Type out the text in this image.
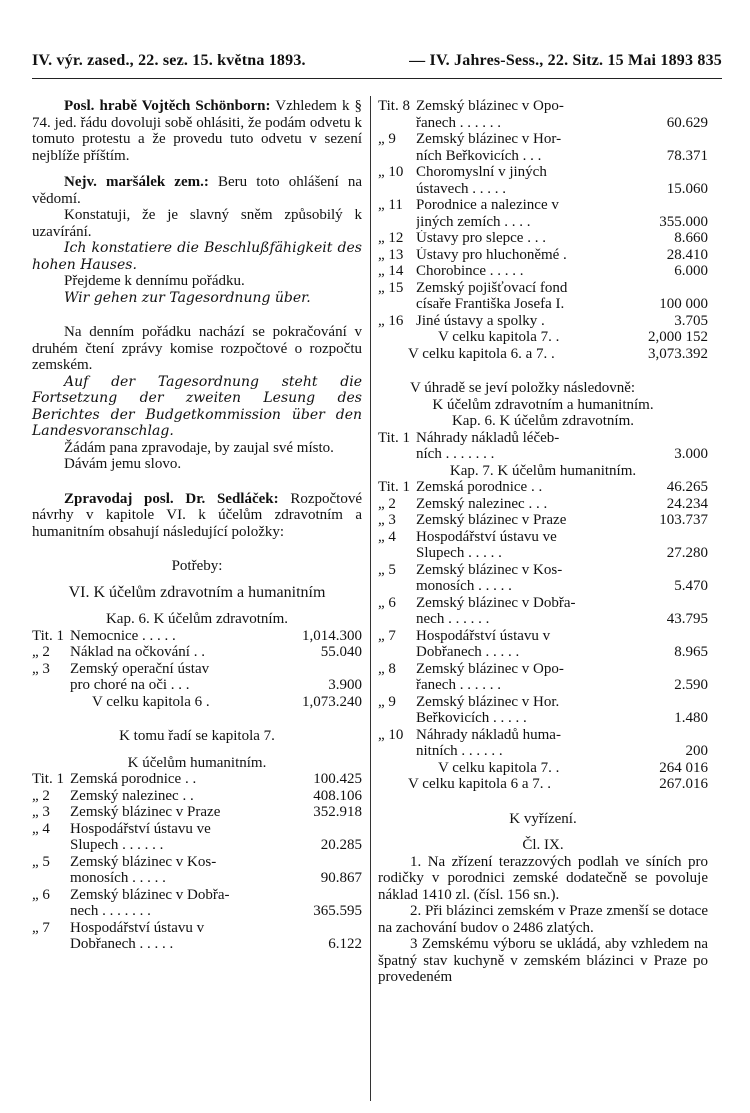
IV. výr. zased., 22. sez. 15. května 1893.	— IV. Jahres-Sess., 22. Sitz. 15 Mai 1893 835

Posl. hrabě Vojtěch Schönborn: Vzhledem k § 74. jed. řádu dovoluji sobě ohlásiti, že podám odvetu k tomuto protestu a že provedu tuto odvetu v sezení nejblíže příštím.

Nejv. maršálek zem.: Beru toto ohlášení na vědomí.

Konstatuji, že je slavný sněm způsobilý k uzavírání.

Ich konstatiere die Beschlußfähigkeit des hohen Hauses.

Přejdeme k dennímu pořádku.

Wir gehen zur Tagesordnung über.

Na denním pořádku nachází se pokračování v druhém čtení zprávy komise rozpočtové o rozpočtu zemském.

Auf der Tagesordnung steht die Fortsetzung der zweiten Lesung des Berichtes der Budgetkommission über den Landesvoranschlag.

Žádám pana zpravodaje, by zaujal své místo.

Dávám jemu slovo.

Zpravodaj posl. Dr. Sedláček: Rozpočtové návrhy v kapitole VI. k účelům zdravotním a humanitním obsahují následující položky:

Potřeby:

VI. K účelům zdravotním a humanitním

Kap. 6. K účelům zdravotním.

Tit. 1 Nemocnice . . . . .	1,014.300
„ 2	Náklad na očkování . .	55.040
„ 3	Zemský operační ústav
pro choré na oči . . .	3.900
V celku kapitola 6 .	1,073.240

K tomu řadí se kapitola 7.

K účelům humanitním.

Tit. 1 Zemská porodnice . .	100.425
„ 2	Zemský nalezinec . .	408.106
„ 3	Zemský blázinec v Praze	352.918
„ 4	Hospodářství ústavu ve
Slupech . . . . . .	20.285
„ 5	Zemský blázinec v Kos-
monosích . . . . .	90.867
„ 6	Zemský blázinec v Dobřa-
nech . . . . . . .	365.595
„ 7	Hospodářství ústavu v
Dobřanech . . . . .	6.122
Tit. 8 Zemský blázinec v Opo-
řanech . . . . . .	60.629
„ 9	Zemský blázinec v Hor-
ních Beřkovicích . . .	78.371
„ 10 Choromyslní v jiných
ústavech . . . . .	15.060
„ 11 Porodnice a nalezince v
jiných zemích . . . .	355.000
„ 12 Ústavy pro slepce . . .	8.660
„ 13 Ústavy pro hluchoněmé .	28.410
„ 14 Chorobince . . . . .	6.000
„ 15 Zemský pojišťovací fond
císaře Františka Josefa I.	100 000
„ 16 Jiné ústavy a spolky .	3.705
V celku kapitola 7. .	2,000 152
V celku kapitola 6. a 7. .	3,073.392

V úhradě se jeví položky následovně:

K účelům zdravotním a humanitním.

Kap. 6. K účelům zdravotním.

Tit. 1 Náhrady nákladů léčeb-
ních . . . . . . .	3.000

Kap. 7. K účelům humanitním.

Tit. 1 Zemská porodnice . .	46.265
„ 2	Zemský nalezinec . . .	24.234
„ 3	Zemský blázinec v Praze	103.737
„ 4	Hospodářství ústavu ve
Slupech . . . . .	27.280
„ 5	Zemský blázinec v Kos-
monosích . . . . .	5.470
„ 6	Zemský blázinec v Dobřa-
nech . . . . . .	43.795
„ 7	Hospodářství ústavu v
Dobřanech . . . . .	8.965
„ 8	Zemský blázinec v Opo-
řanech . . . . . .	2.590
„ 9	Zemský blázinec v Hor.
Beřkovicích . . . . .	1.480
„ 10 Náhrady nákladů huma-
nitních . . . . . .	200
V celku kapitola 7. .	264 016
V celku kapitola 6 a 7. .	267.016

K vyřízení.

Čl. IX.

1. Na zřízení terazzových podlah ve síních pro rodičky v porodnici zemské dodatečně se povoluje náklad 1410 zl. (čísl. 156 sn.).

2. Při blázinci zemském v Praze zmenší se dotace na zachování budov o 2486 zlatých.

3 Zemskému výboru se ukládá, aby vzhledem na špatný stav kuchyně v zemském blázinci v Praze po provedeném
